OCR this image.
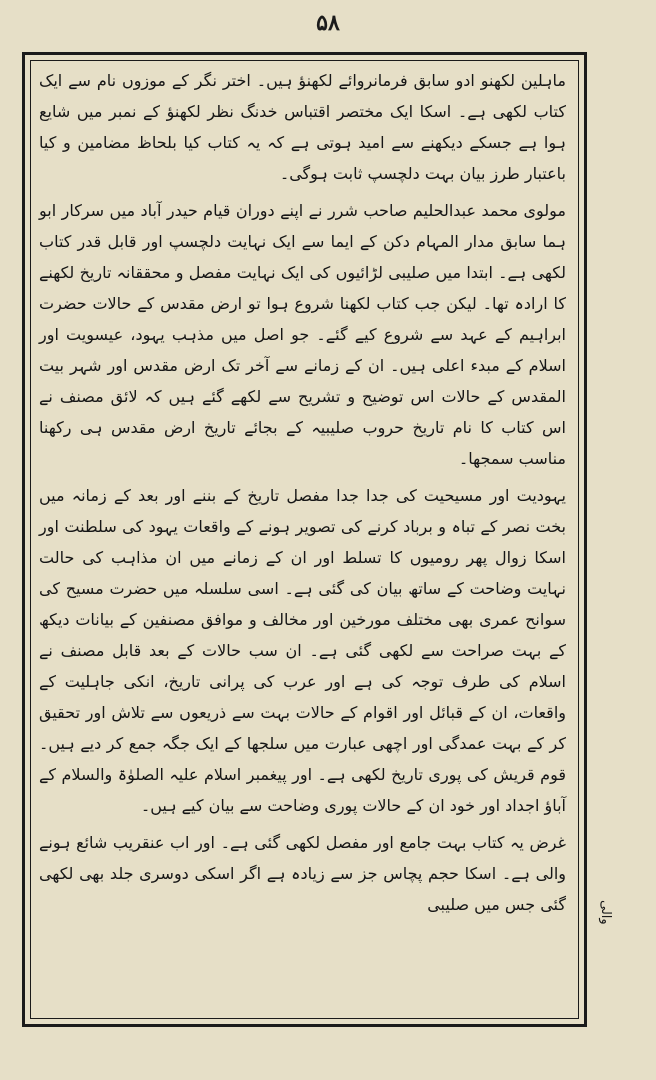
۵۸

ماہلین لکھنو ادو سابق فرمانروائے لکھنؤ ہیں۔ اختر نگر کے موزوں نام سے ایک کتاب لکھی ہے۔ اسکا ایک مختصر اقتباس خدنگ نظر لکھنؤ کے نمبر میں شایع ہوا ہے جسکے دیکھنے سے امید ہوتی ہے کہ یہ کتاب کیا بلحاظ مضامین و کیا باعتبار طرز بیان بہت دلچسپ ثابت ہوگی۔

مولوی محمد عبدالحلیم صاحب شرر نے اپنے دوران قیام حیدر آباد میں سرکار ابو ہما سابق مدار المہام دکن کے ایما سے ایک نہایت دلچسپ اور قابل قدر کتاب لکھی ہے۔ ابتدا میں صلیبی لڑائیوں کی ایک نہایت مفصل و محققانہ تاریخ لکھنے کا ارادہ تھا۔ لیکن جب کتاب لکھنا شروع ہوا تو ارض مقدس کے حالات حضرت ابراہیم کے عہد سے شروع کیے گئے۔ جو اصل میں مذہب یہود، عیسویت اور اسلام کے مبدء اعلی ہیں۔ ان کے زمانے سے آخر تک ارض مقدس اور شہر بیت المقدس کے حالات اس توضیح و تشریح سے لکھے گئے ہیں کہ لائق مصنف نے اس کتاب کا نام تاریخ حروب صلیبیہ کے بجائے تاریخ ارض مقدس ہی رکھنا مناسب سمجھا۔

یہودیت اور مسیحیت کی جدا جدا مفصل تاریخ کے بننے اور بعد کے زمانہ میں بخت نصر کے تباہ و برباد کرنے کی تصویر ہونے کے واقعات یہود کی سلطنت اور اسکا زوال پھر رومیوں کا تسلط اور ان کے زمانے میں ان مذاہب کی حالت نہایت وضاحت کے ساتھ بیان کی گئی ہے۔ اسی سلسلہ میں حضرت مسیح کی سوانح عمری بھی مختلف مورخین اور مخالف و موافق مصنفین کے بیانات دیکھ کے بہت صراحت سے لکھی گئی ہے۔ ان سب حالات کے بعد قابل مصنف نے اسلام کی طرف توجہ کی ہے اور عرب کی پرانی تاریخ، انکی جاہلیت کے واقعات، ان کے قبائل اور اقوام کے حالات بہت سے ذریعوں سے تلاش اور تحقیق کر کے بہت عمدگی اور اچھی عبارت میں سلجھا کے ایک جگہ جمع کر دیے ہیں۔ قوم قریش کی پوری تاریخ لکھی ہے۔ اور پیغمبر اسلام علیہ الصلوٰۃ والسلام کے آباؤ اجداد اور خود ان کے حالات پوری وضاحت سے بیان کیے ہیں۔

غرض یہ کتاب بہت جامع اور مفصل لکھی گئی ہے۔ اور اب عنقریب شائع ہونے والی ہے۔ اسکا حجم پچاس جز سے زیادہ ہے اگر اسکی دوسری جلد بھی لکھی گئی جس میں صلیبی والی
